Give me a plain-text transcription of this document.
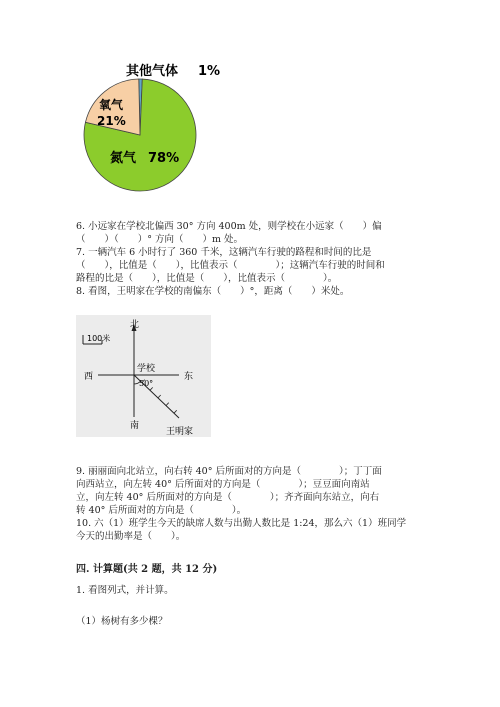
其他气体 1%
氧气
21%
氮气 78%
6. 小远家在学校北偏西 30° 方向 400m 处，则学校在小远家（　　）偏
（　　）（　　）° 方向（　　）m 处。
7. 一辆汽车 6 小时行了 360 千米，这辆汽车行驶的路程和时间的比是
（　　），比值是（　　），比值表示（　　　　）；这辆汽车行驶的时间和
路程的比是（　　），比值是（　　），比值表示（　　　　）。
8. 看图，王明家在学校的南偏东（　　）°，距离（　　）米处。
100米
北
南
西	东
学校
50°
王明家
9. 丽丽面向北站立，向右转 40° 后所面对的方向是（　　　　）；丁丁面
向西站立，向左转 40° 后所面对的方向是（　　　　）；豆豆面向南站
立，向左转 40° 后所面对的方向是（　　　　）；齐齐面向东站立，向右
转 40° 后所面对的方向是（　　　　）。
10. 六（1）班学生今天的缺席人数与出勤人数比是 1:24，那么六（1）班同学
今天的出勤率是（　　）。
四. 计算题(共 2 题，共 12 分)
1. 看图列式，并计算。
（1）杨树有多少棵？
